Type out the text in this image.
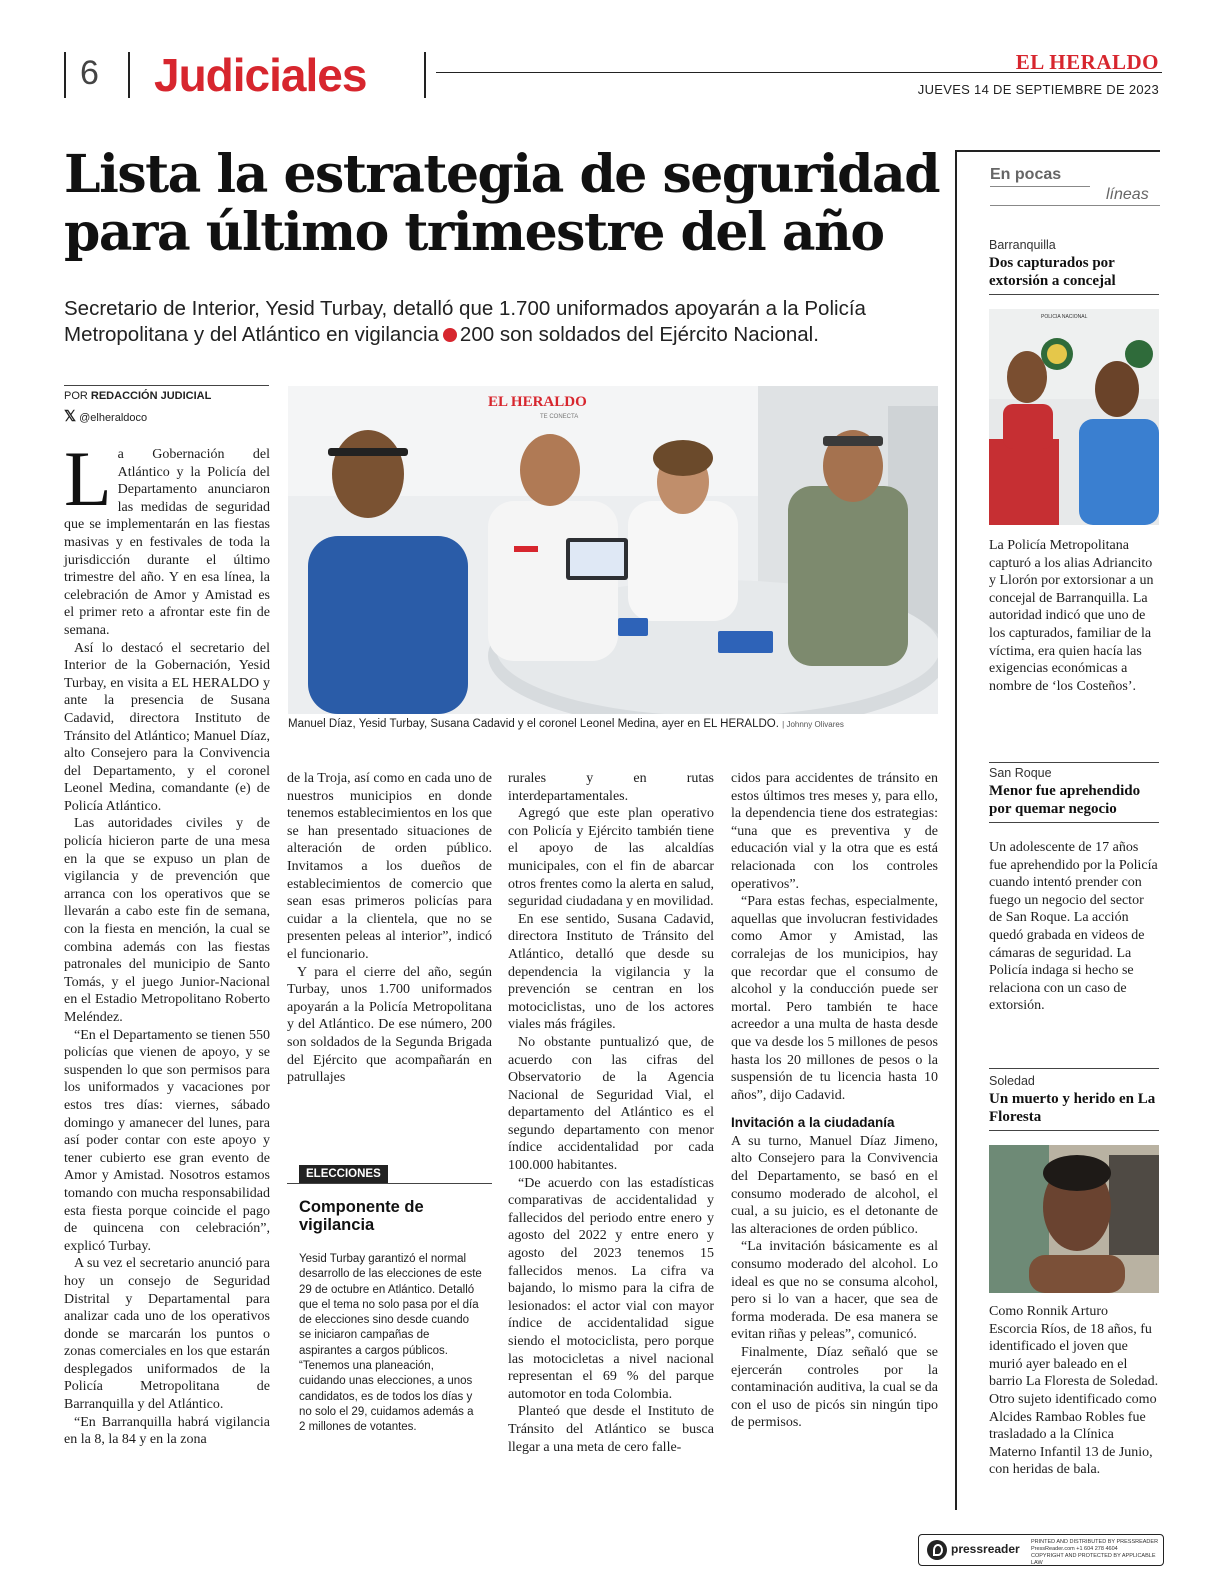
6 Judiciales	EL HERALDO
JUEVES 14 DE SEPTIEMBRE DE 2023
Lista la estrategia de seguridad para último trimestre del año
Secretario de Interior, Yesid Turbay, detalló que 1.700 uniformados apoyarán a la Policía Metropolitana y del Atlántico en vigilancia 200 son soldados del Ejército Nacional.
POR REDACCIÓN JUDICIAL
𝕏 @elheraldoco
EL HERALDO
TE CONECTA
Manuel Díaz, Yesid Turbay, Susana Cadavid y el coronel Leonel Medina, ayer en EL HERALDO. | Johnny Olivares

La Gobernación del Atlántico y la Policía del Departamento anunciaron las medidas de seguridad que se implementarán en las fiestas masivas y en festivales de toda la jurisdicción durante el último trimestre del año. Y en esa línea, la celebración de Amor y Amistad es el primer reto a afrontar este fin de semana.

Así lo destacó el secretario del Interior de la Gobernación, Yesid Turbay, en visita a EL HERALDO y ante la presencia de Susana Cadavid, directora Instituto de Tránsito del Atlántico; Manuel Díaz, alto Consejero para la Convivencia del Departamento, y el coronel Leonel Medina, comandante (e) de Policía Atlántico.

Las autoridades civiles y de policía hicieron parte de una mesa en la que se expuso un plan de vigilancia y de prevención que arranca con los operativos que se llevarán a cabo este fin de semana, con la fiesta en mención, la cual se combina además con las fiestas patronales del municipio de Santo Tomás, y el juego Junior-Nacional en el Estadio Metropolitano Roberto Meléndez.

“En el Departamento se tienen 550 policías que vienen de apoyo, y se suspenden lo que son permisos para los uniformados y vacaciones por estos tres días: viernes, sábado domingo y amanecer del lunes, para así poder contar con este apoyo y tener cubierto ese gran evento de Amor y Amistad. Nosotros estamos tomando con mucha responsabilidad esta fiesta porque coincide el pago de quincena con celebración”, explicó Turbay.

A su vez el secretario anunció para hoy un consejo de Seguridad Distrital y Departamental para analizar cada uno de los operativos donde se marcarán los puntos o zonas comerciales en los que estarán desplegados uniformados de la Policía Metropolitana de Barranquilla y del Atlántico.

“En Barranquilla habrá vigilancia en la 8, la 84 y en la zona

de la Troja, así como en cada uno de nuestros municipios en donde tenemos establecimientos en los que se han presentado situaciones de alteración de orden público. Invitamos a los dueños de establecimientos de comercio que sean esas primeros policías para cuidar a la clientela, que no se presenten peleas al interior”, indicó el funcionario.

Y para el cierre del año, según Turbay, unos 1.700 uniformados apoyarán a la Policía Metropolitana y del Atlántico. De ese número, 200 son soldados de la Segunda Brigada del Ejército que acompañarán en patrullajes

ELECCIONES
Componente de vigilancia
Yesid Turbay garantizó el normal desarrollo de las elecciones de este 29 de octubre en Atlántico. Detalló que el tema no solo pasa por el día de elecciones sino desde cuando se iniciaron campañas de aspirantes a cargos públicos. “Tenemos una planeación, cuidando unas elecciones, a unos candidatos, es de todos los días y no solo el 29, cuidamos además a 2 millones de votantes.

rurales y en rutas interdepartamentales.

Agregó que este plan operativo con Policía y Ejército también tiene el apoyo de las alcaldías municipales, con el fin de abarcar otros frentes como la alerta en salud, seguridad ciudadana y en movilidad.

En ese sentido, Susana Cadavid, directora Instituto de Tránsito del Atlántico, detalló que desde su dependencia la vigilancia y la prevención se centran en los motociclistas, uno de los actores viales más frágiles.

No obstante puntualizó que, de acuerdo con las cifras del Observatorio de la Agencia Nacional de Seguridad Vial, el departamento del Atlántico es el segundo departamento con menor índice accidentalidad por cada 100.000 habitantes.

“De acuerdo con las estadísticas comparativas de accidentalidad y fallecidos del periodo entre enero y agosto del 2022 y entre enero y agosto del 2023 tenemos 15 fallecidos menos. La cifra va bajando, lo mismo para la cifra de lesionados: el actor vial con mayor índice de accidentalidad sigue siendo el motociclista, pero porque las motocicletas a nivel nacional representan el 69 % del parque automotor en toda Colombia.

Planteó que desde el Instituto de Tránsito del Atlántico se busca llegar a una meta de cero falle-

cidos para accidentes de tránsito en estos últimos tres meses y, para ello, la dependencia tiene dos estrategias: “una que es preventiva y de educación vial y la otra que es está relacionada con los controles operativos”.

“Para estas fechas, especialmente, aquellas que involucran festividades como Amor y Amistad, las corralejas de los municipios, hay que recordar que el consumo de alcohol y la conducción puede ser mortal. Pero también te hace acreedor a una multa de hasta desde que va desde los 5 millones de pesos hasta los 20 millones de pesos o la suspensión de tu licencia hasta 10 años”, dijo Cadavid.

Invitación a la ciudadanía

A su turno, Manuel Díaz Jimeno, alto Consejero para la Convivencia del Departamento, se basó en el consumo moderado de alcohol, el cual, a su juicio, es el detonante de las alteraciones de orden público.

“La invitación básicamente es al consumo moderado del alcohol. Lo ideal es que no se consuma alcohol, pero si lo van a hacer, que sea de forma moderada. De esa manera se evitan riñas y peleas”, comunicó.

Finalmente, Díaz señaló que se ejercerán controles por la contaminación auditiva, la cual se da con el uso de picós sin ningún tipo de permisos.

En pocas
líneas
Barranquilla
Dos capturados por extorsión a concejal
POLICIA NACIONAL
La Policía Metropolitana capturó a los alias Adriancito y Llorón por extorsionar a un concejal de Barranquilla. La autoridad indicó que uno de los capturados, familiar de la víctima, era quien hacía las exigencias económicas a nombre de ‘los Costeños’.
San Roque
Menor fue aprehendido por quemar negocio
Un adolescente de 17 años fue aprehendido por la Policía cuando intentó prender con fuego un negocio del sector de San Roque. La acción quedó grabada en videos de cámaras de seguridad. La Policía indaga si hecho se relaciona con un caso de extorsión.
Soledad
Un muerto y herido en La Floresta
Como Ronnik Arturo Escorcia Ríos, de 18 años, fu identificado el joven que murió ayer baleado en el barrio La Floresta de Soledad. Otro sujeto identificado como Alcides Rambao Robles fue trasladado a la Clínica Materno Infantil 13 de Junio, con heridas de bala.
pressreader PRINTED AND DISTRIBUTED BY PRESSREADER
PressReader.com +1 604 278 4604
COPYRIGHT AND PROTECTED BY APPLICABLE LAW
